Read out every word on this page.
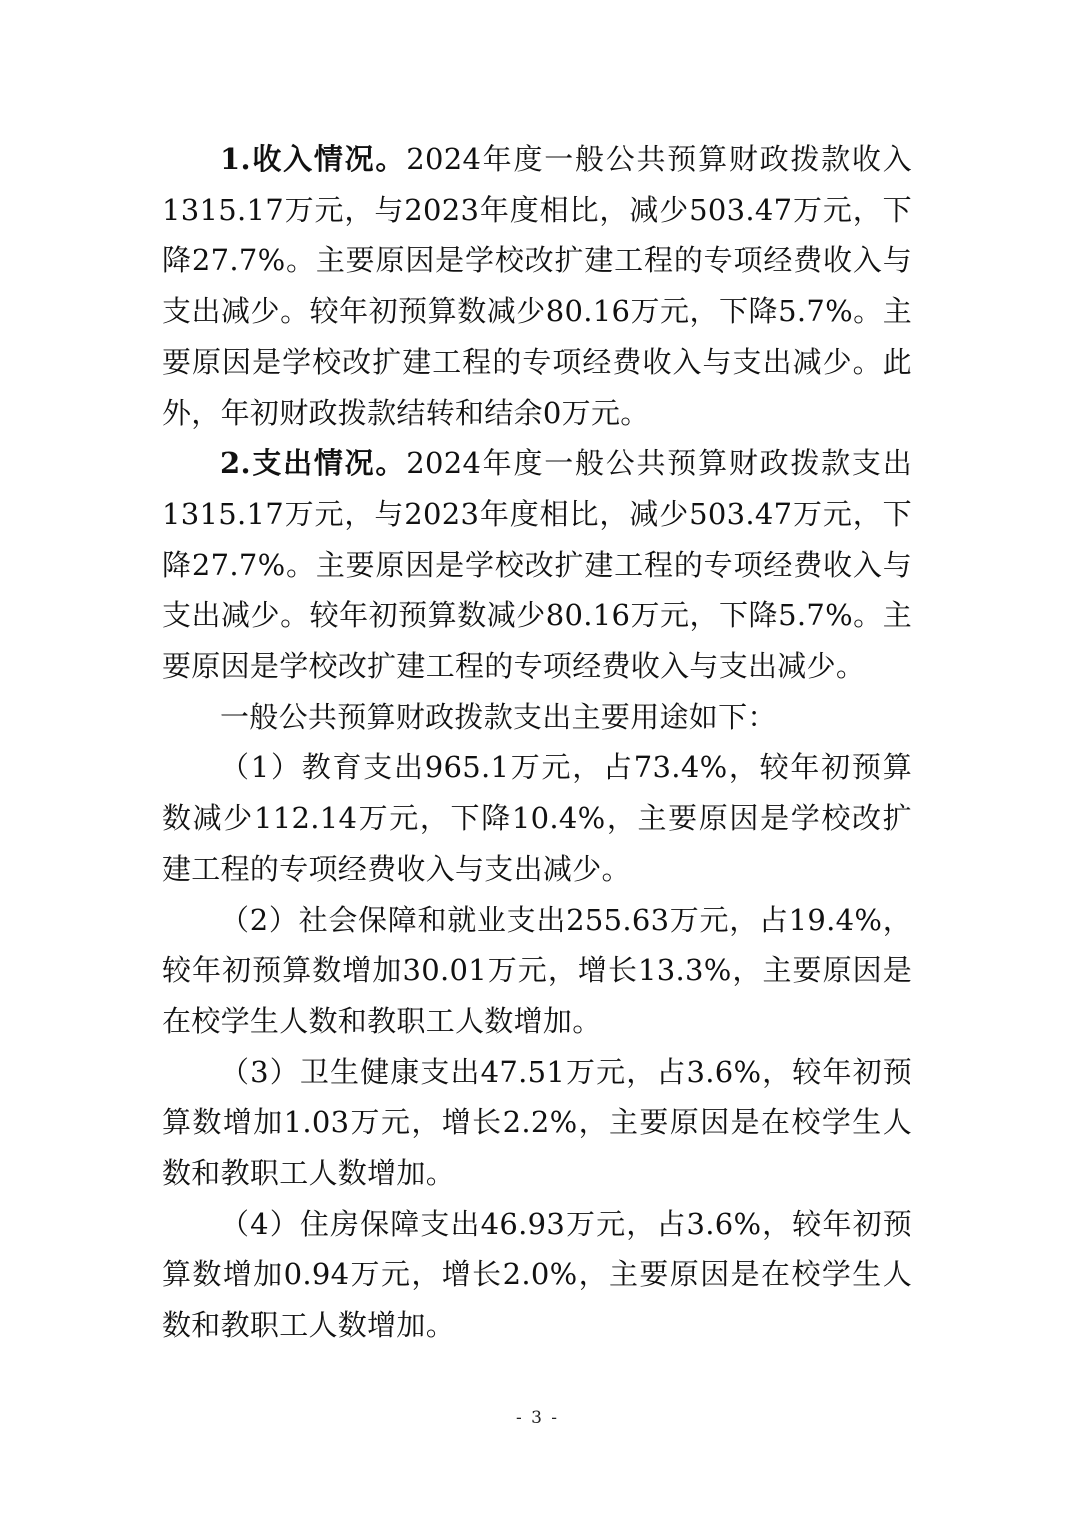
1.收入情况。2024年度一般公共预算财政拨款收入1315.17万元，与2023年度相比，减少503.47万元，下降27.7%。主要原因是学校改扩建工程的专项经费收入与支出减少。较年初预算数减少80.16万元，下降5.7%。主要原因是学校改扩建工程的专项经费收入与支出减少。此外，年初财政拨款结转和结余0万元。

2.支出情况。2024年度一般公共预算财政拨款支出1315.17万元，与2023年度相比，减少503.47万元，下降27.7%。主要原因是学校改扩建工程的专项经费收入与支出减少。较年初预算数减少80.16万元，下降5.7%。主要原因是学校改扩建工程的专项经费收入与支出减少。

一般公共预算财政拨款支出主要用途如下：

（1）教育支出965.1万元，占73.4%，较年初预算数减少112.14万元，下降10.4%，主要原因是学校改扩建工程的专项经费收入与支出减少。

（2）社会保障和就业支出255.63万元，占19.4%，较年初预算数增加30.01万元，增长13.3%，主要原因是在校学生人数和教职工人数增加。

（3）卫生健康支出47.51万元，占3.6%，较年初预算数增加1.03万元，增长2.2%，主要原因是在校学生人数和教职工人数增加。

（4）住房保障支出46.93万元，占3.6%，较年初预算数增加0.94万元，增长2.0%，主要原因是在校学生人数和教职工人数增加。

- 3 -
